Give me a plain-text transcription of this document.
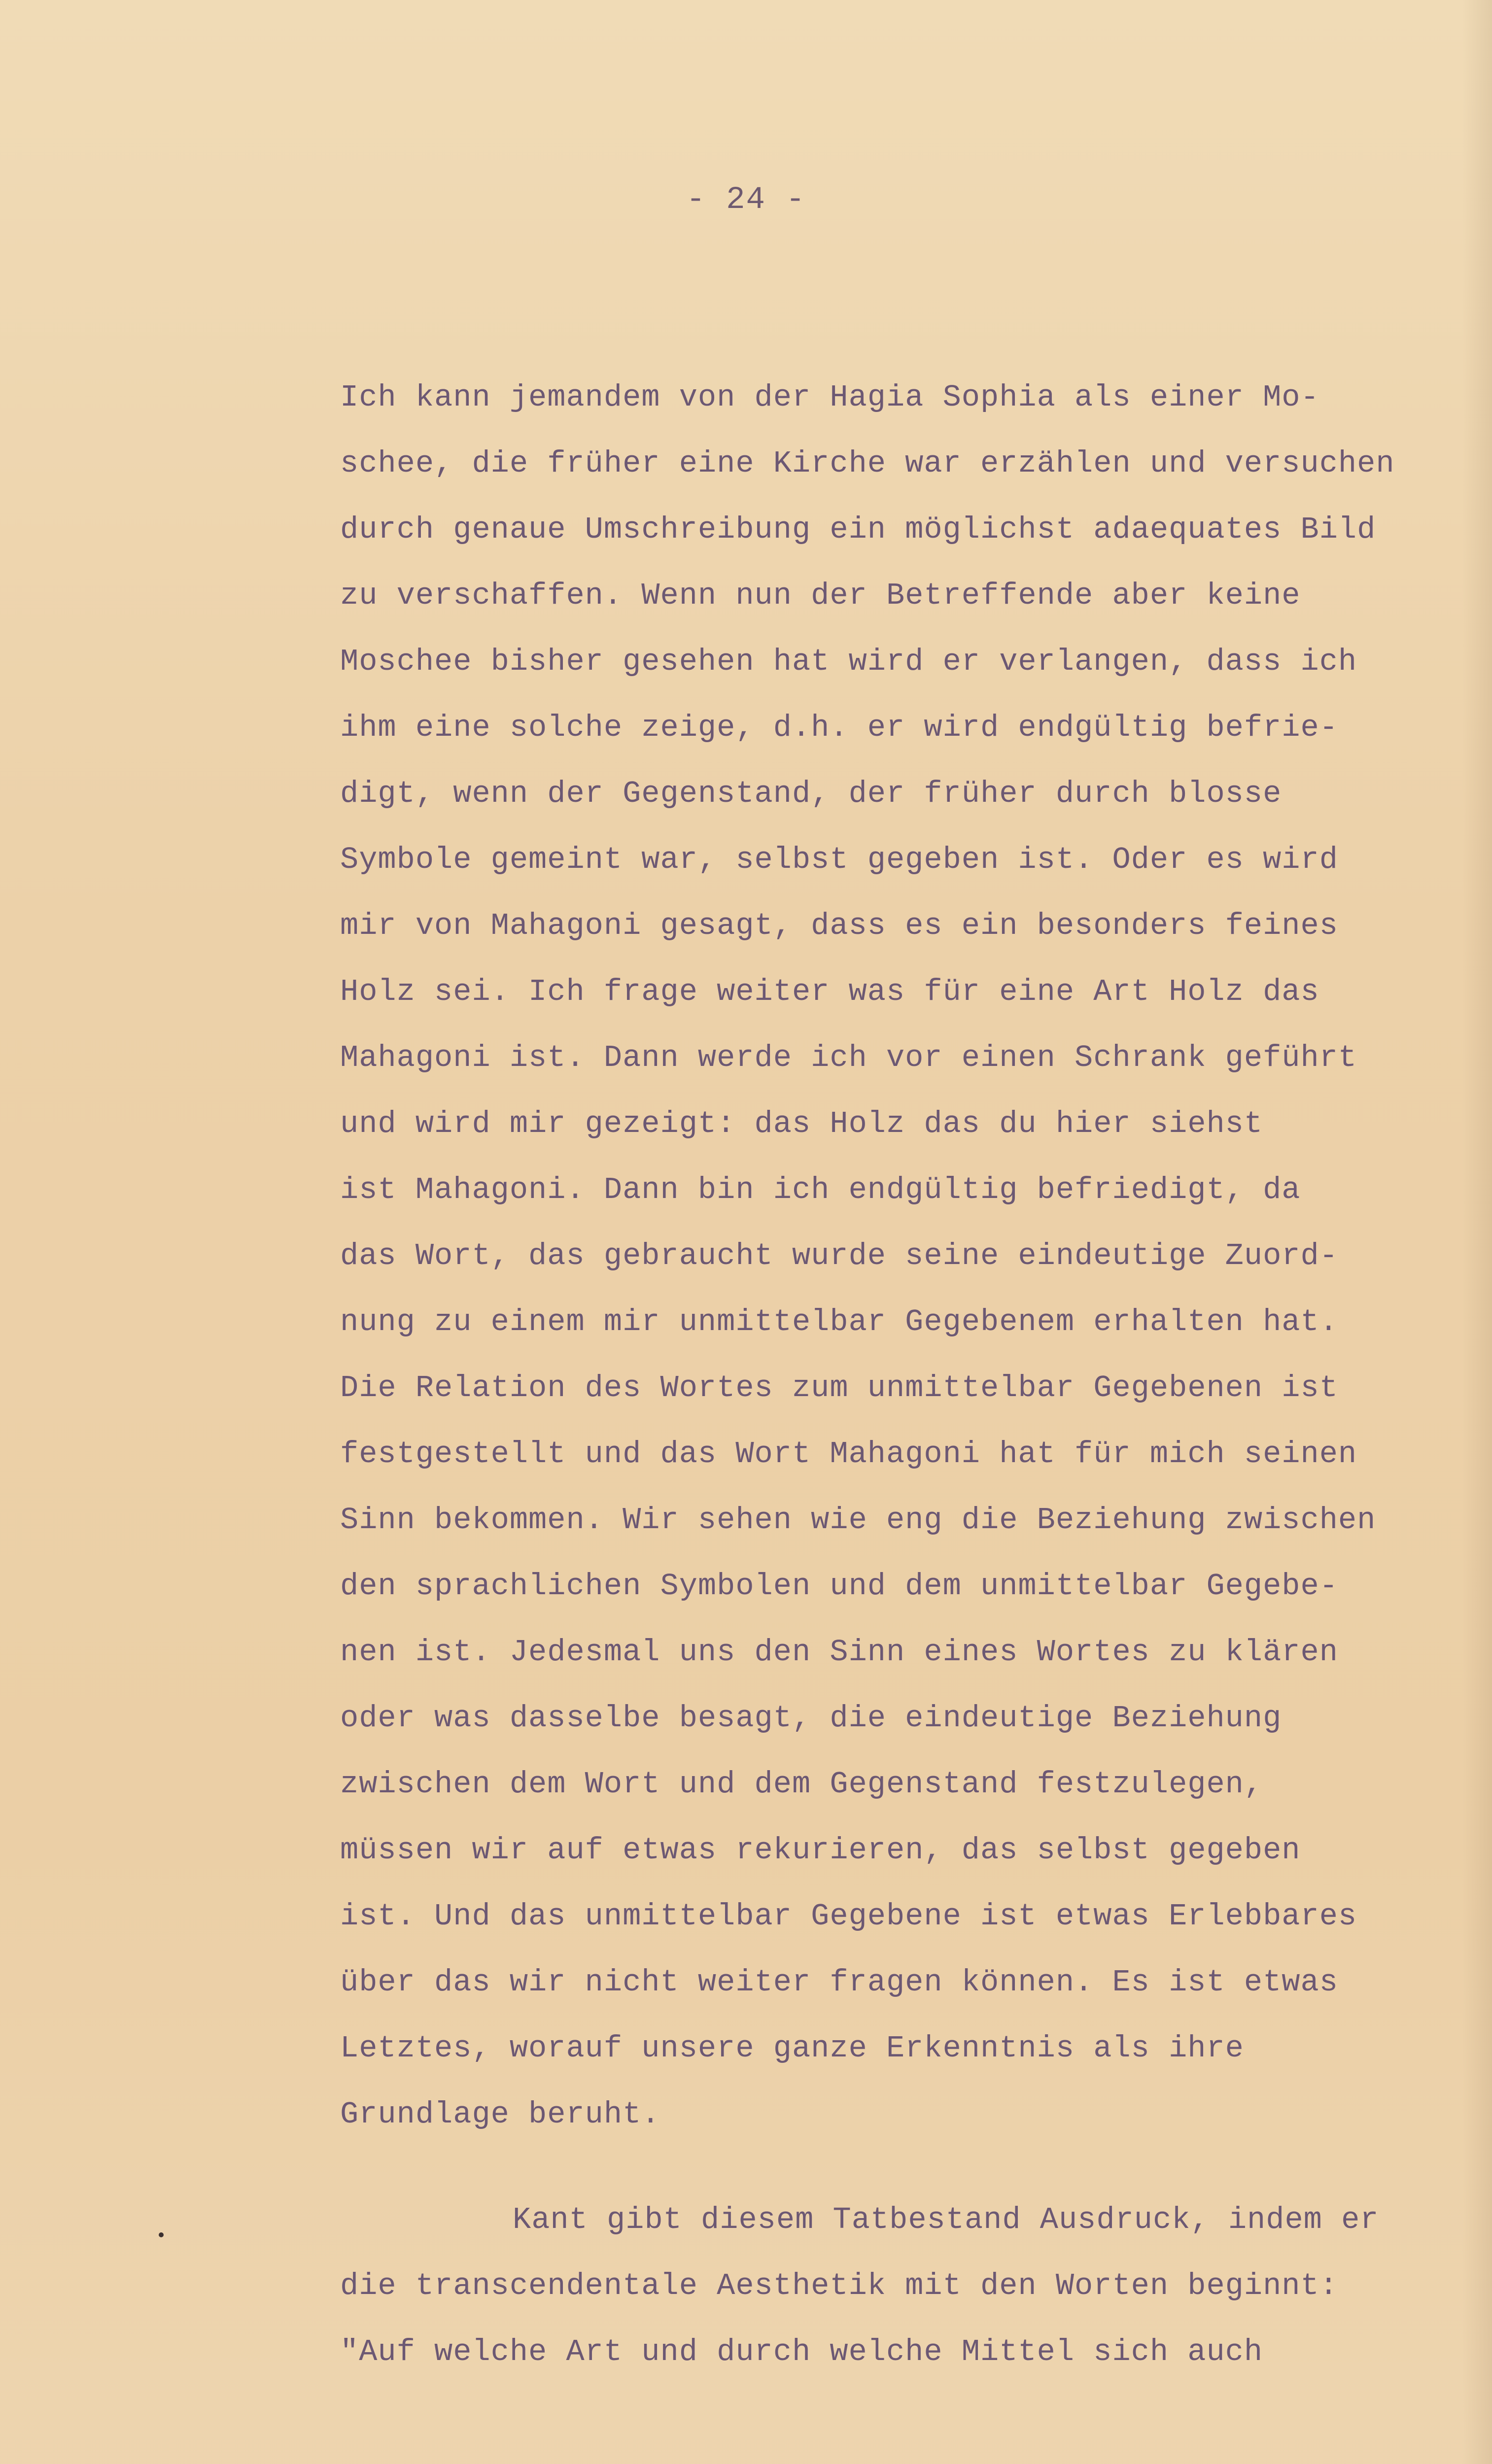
- 24 -
Ich kann jemandem von der Hagia Sophia als einer Mo-
schee, die früher eine Kirche war erzählen und versuchen
durch genaue Umschreibung ein möglichst adaequates Bild
zu verschaffen. Wenn nun der Betreffende aber keine
Moschee bisher gesehen hat wird er verlangen, dass ich
ihm eine solche zeige, d.h. er wird endgültig befrie-
digt, wenn der Gegenstand, der früher durch blosse
Symbole gemeint war, selbst gegeben ist. Oder es wird
mir von Mahagoni gesagt, dass es ein besonders feines
Holz sei. Ich frage weiter was für eine Art Holz das
Mahagoni ist. Dann werde ich vor einen Schrank geführt
und wird mir gezeigt: das Holz das du hier siehst
ist Mahagoni. Dann bin ich endgültig befriedigt, da
das Wort, das gebraucht wurde seine eindeutige Zuord-
nung zu einem mir unmittelbar Gegebenem erhalten hat.
Die Relation des Wortes zum unmittelbar Gegebenen ist
festgestellt und das Wort Mahagoni hat für mich seinen
Sinn bekommen. Wir sehen wie eng die Beziehung zwischen
den sprachlichen Symbolen und dem unmittelbar Gegebe-
nen ist. Jedesmal uns den Sinn eines Wortes zu klären
oder was dasselbe besagt, die eindeutige Beziehung
zwischen dem Wort und dem Gegenstand festzulegen,
müssen wir auf etwas rekurieren, das selbst gegeben
ist. Und das unmittelbar Gegebene ist etwas Erlebbares
über das wir nicht weiter fragen können. Es ist etwas
Letztes, worauf unsere ganze Erkenntnis als ihre
Grundlage beruht.
Kant gibt diesem Tatbestand Ausdruck, indem er
die transcendentale Aesthetik mit den Worten beginnt:
"Auf welche Art und durch welche Mittel sich auch
